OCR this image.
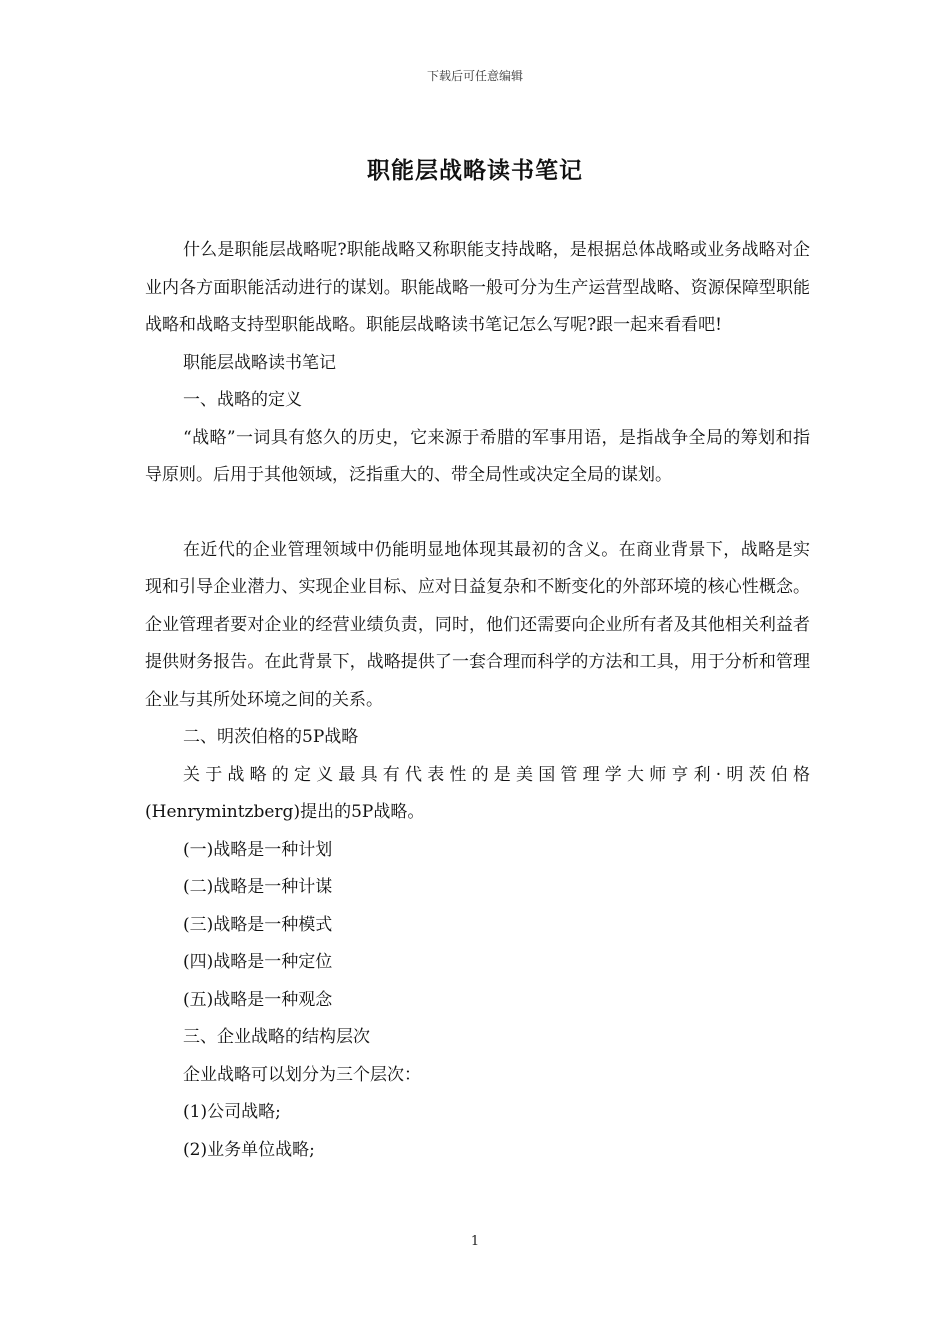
下载后可任意编辑
职能层战略读书笔记

什么是职能层战略呢?职能战略又称职能支持战略，是根据总体战略或业务战略对企业内各方面职能活动进行的谋划。职能战略一般可分为生产运营型战略、资源保障型职能战略和战略支持型职能战略。职能层战略读书笔记怎么写呢?跟一起来看看吧!

职能层战略读书笔记

一、战略的定义

“战略”一词具有悠久的历史，它来源于希腊的军事用语，是指战争全局的筹划和指导原则。后用于其他领域，泛指重大的、带全局性或决定全局的谋划。

在近代的企业管理领域中仍能明显地体现其最初的含义。在商业背景下，战略是实现和引导企业潜力、实现企业目标、应对日益复杂和不断变化的外部环境的核心性概念。企业管理者要对企业的经营业绩负责，同时，他们还需要向企业所有者及其他相关利益者提供财务报告。在此背景下，战略提供了一套合理而科学的方法和工具，用于分析和管理企业与其所处环境之间的关系。

二、明茨伯格的5P战略

关于战略的定义最具有代表性的是美国管理学大师亨利·明茨伯格(Henrymintzberg)提出的5P战略。

(一)战略是一种计划

(二)战略是一种计谋

(三)战略是一种模式

(四)战略是一种定位

(五)战略是一种观念

三、企业战略的结构层次

企业战略可以划分为三个层次：

(1)公司战略;

(2)业务单位战略;

1
